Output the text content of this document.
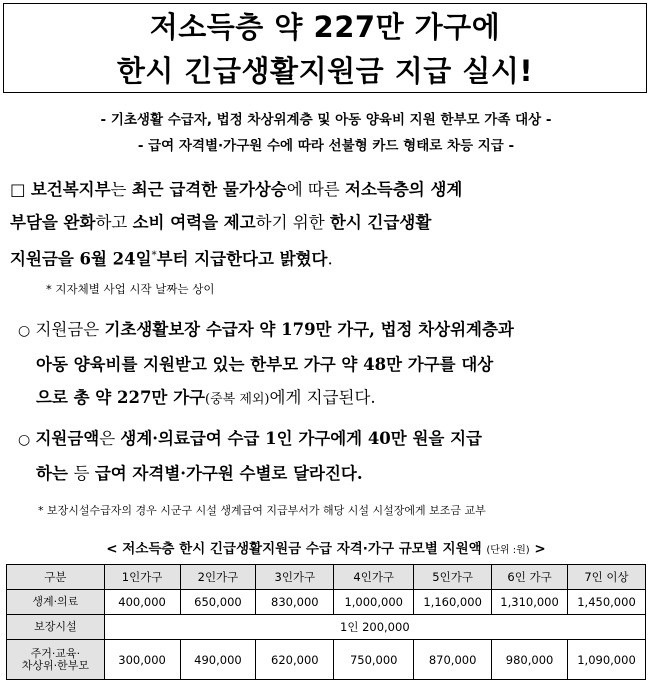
저소득층 약 227만 가구에
한시 긴급생활지원금 지급 실시!
- 기초생활 수급자, 법정 차상위계층 및 아동 양육비 지원 한부모 가족 대상 -
- 급여 자격별·가구원 수에 따라 선불형 카드 형태로 차등 지급 -
□ 보건복지부는 최근 급격한 물가상승에 따른 저소득층의 생계
부담을 완화하고 소비 여력을 제고하기 위한 한시 긴급생활
지원금을 6월 24일*부터 지급한다고 밝혔다.
* 지자체별 사업 시작 날짜는 상이
○ 지원금은 기초생활보장 수급자 약 179만 가구, 법정 차상위계층과
아동 양육비를 지원받고 있는 한부모 가구 약 48만 가구를 대상
으로 총 약 227만 가구(중복 제외)에게 지급된다.
○ 지원금액은 생계·의료급여 수급 1인 가구에게 40만 원을 지급
하는 등 급여 자격별·가구원 수별로 달라진다.
* 보장시설수급자의 경우 시군구 시설 생계급여 지급부서가 해당 시설 시설장에게 보조금 교부
< 저소득층 한시 긴급생활지원금 수급 자격·가구 규모별 지원액 (단위 :원) >
구분	1인가구	2인가구	3인가구	4인가구	5인가구	6인 가구	7인 이상
생계·의료	400,000	650,000	830,000	1,000,000	1,160,000	1,310,000	1,450,000
보장시설	1인 200,000						

주거·교육·
차상위·한부모	300,000	490,000	620,000	750,000	870,000	980,000	1,090,000
